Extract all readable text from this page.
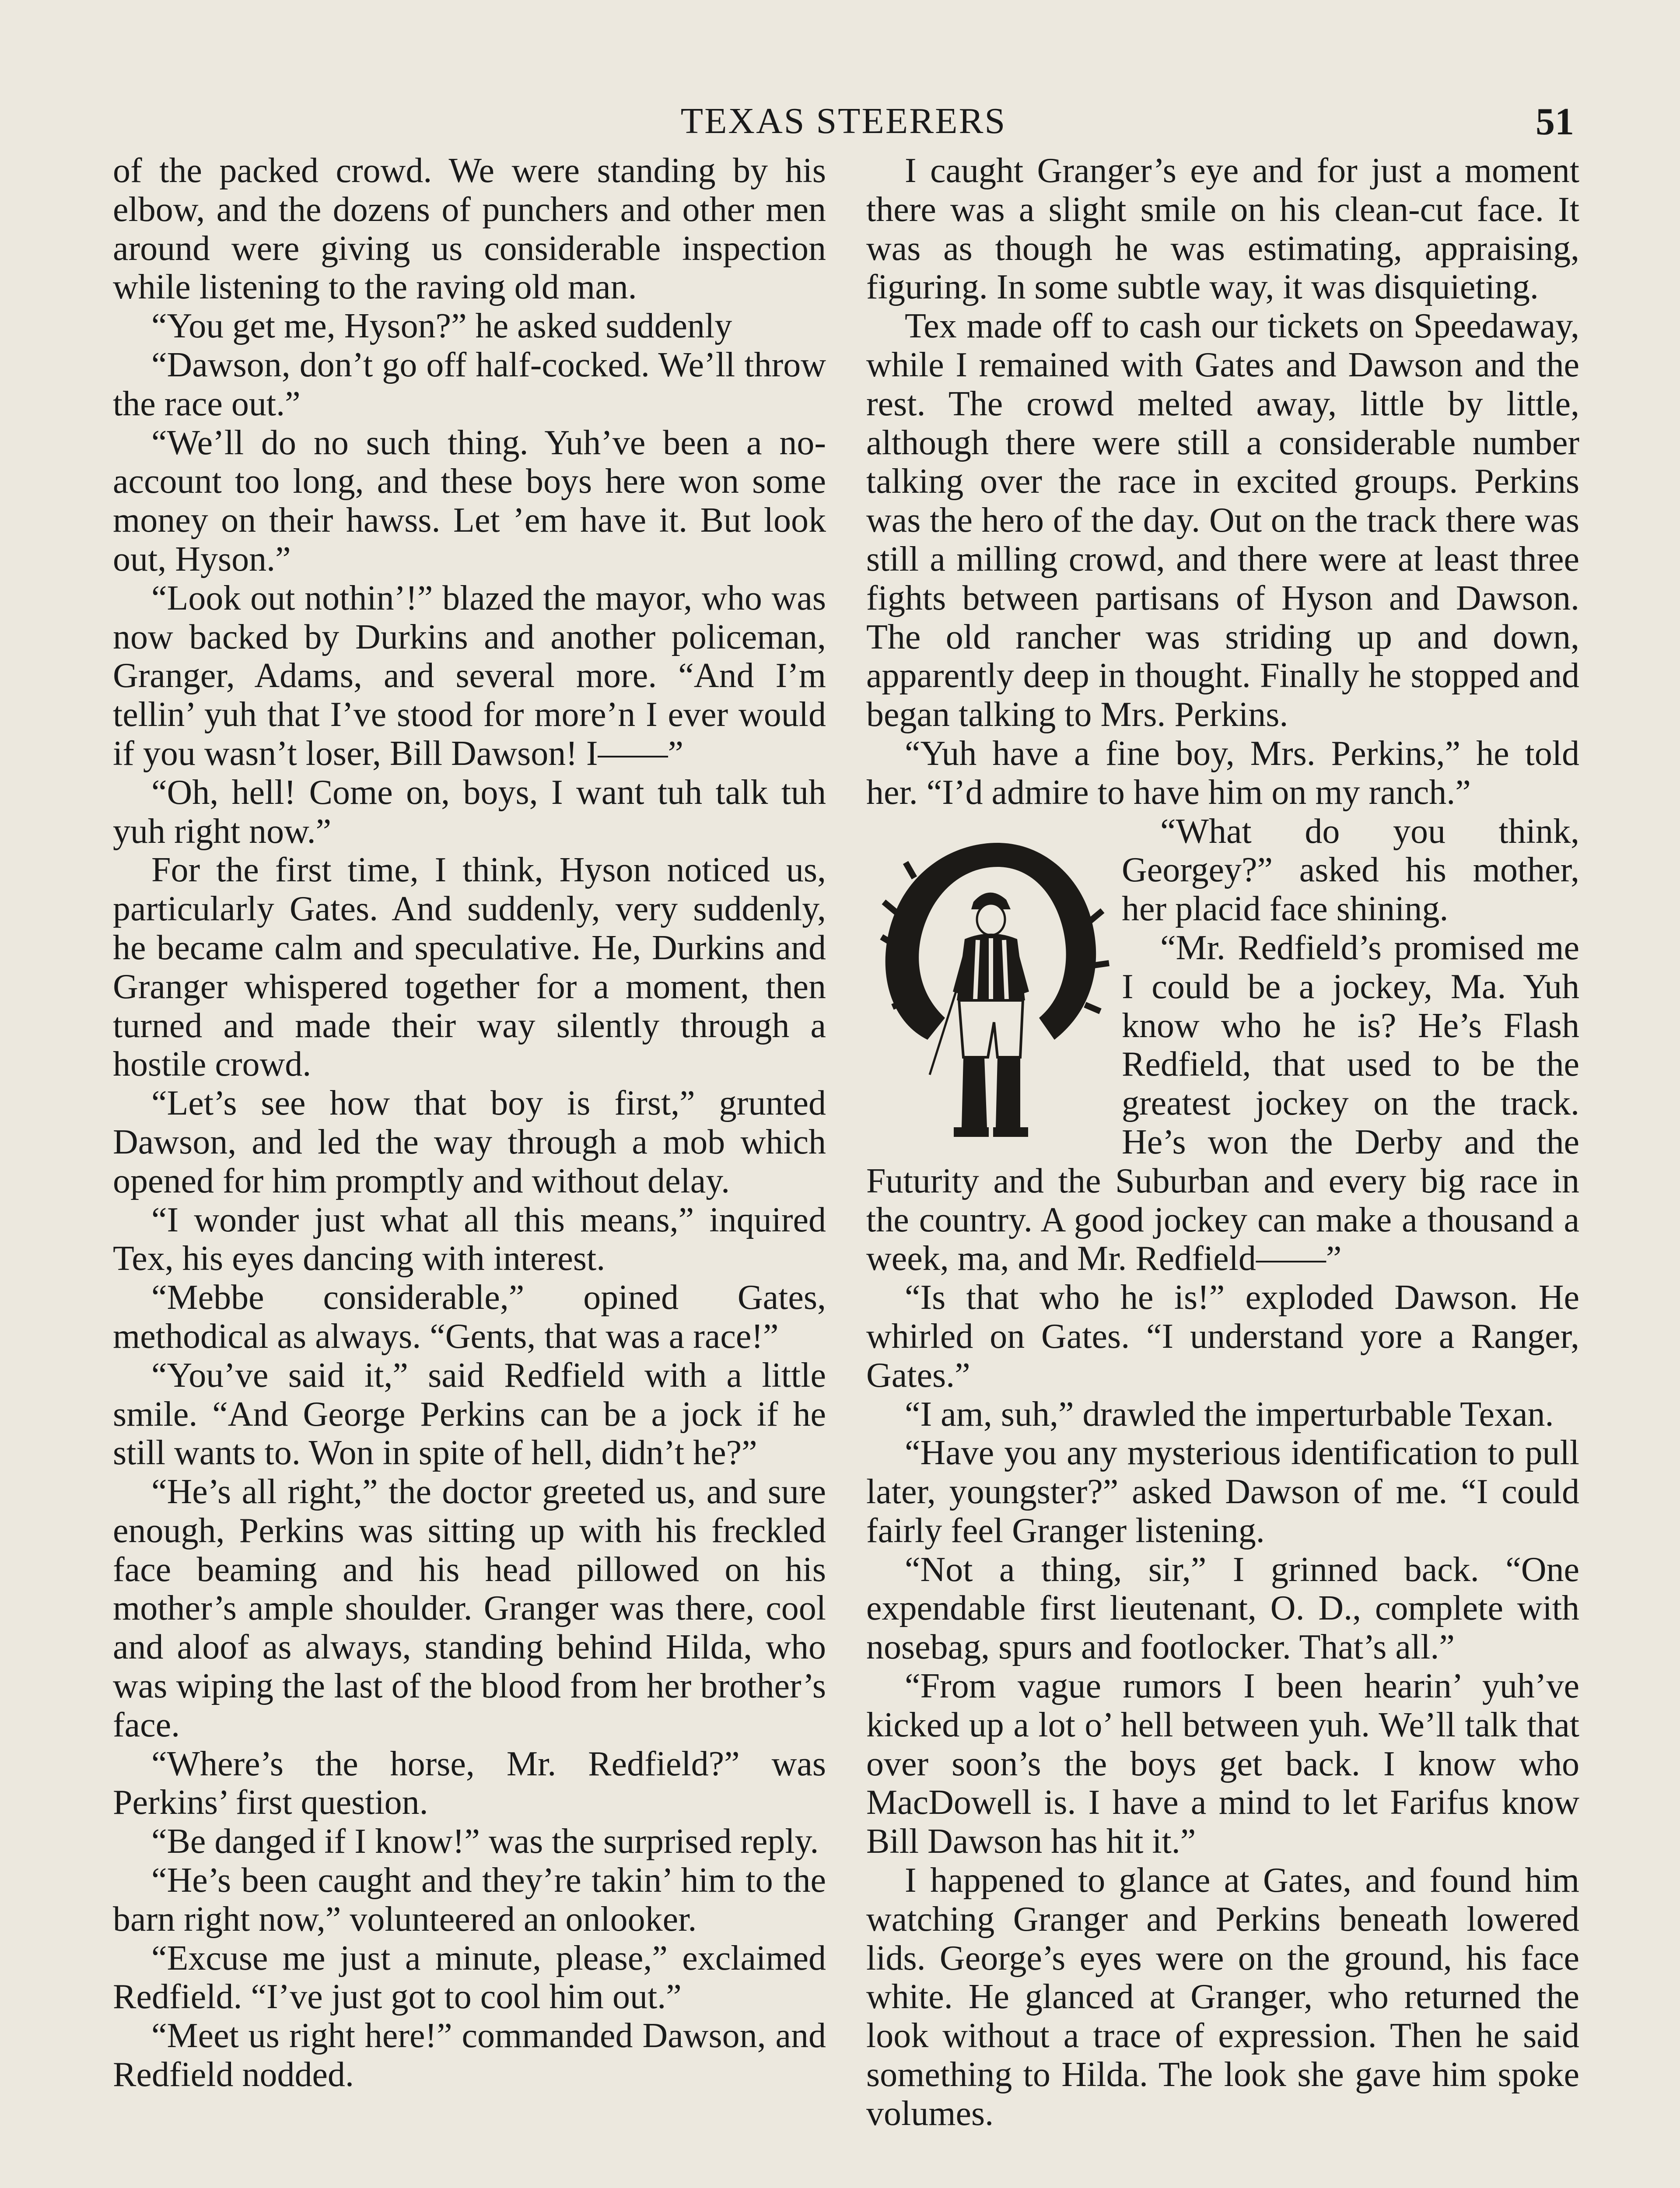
TEXAS STEERERS	51

of the packed crowd. We were standing by his elbow, and the dozens of punchers and other men around were giving us considerable inspection while listening to the raving old man.

“You get me, Hyson?” he asked suddenly

“Dawson, don’t go off half-cocked. We’ll throw the race out.”

“We’ll do no such thing. Yuh’ve been a no-account too long, and these boys here won some money on their hawss. Let ’em have it. But look out, Hyson.”

“Look out nothin’!” blazed the mayor, who was now backed by Durkins and another policeman, Granger, Adams, and several more. “And I’m tellin’ yuh that I’ve stood for more’n I ever would if you wasn’t loser, Bill Dawson! I——”

“Oh, hell! Come on, boys, I want tuh talk tuh yuh right now.”

For the first time, I think, Hyson noticed us, particularly Gates. And suddenly, very suddenly, he became calm and speculative. He, Durkins and Granger whispered together for a moment, then turned and made their way silently through a hostile crowd.

“Let’s see how that boy is first,” grunted Dawson, and led the way through a mob which opened for him promptly and without delay.

“I wonder just what all this means,” inquired Tex, his eyes dancing with interest.

“Mebbe considerable,” opined Gates, methodical as always. “Gents, that was a race!”

“You’ve said it,” said Redfield with a little smile. “And George Perkins can be a jock if he still wants to. Won in spite of hell, didn’t he?”

“He’s all right,” the doctor greeted us, and sure enough, Perkins was sitting up with his freckled face beaming and his head pillowed on his mother’s ample shoulder. Granger was there, cool and aloof as always, standing behind Hilda, who was wiping the last of the blood from her brother’s face.

“Where’s the horse, Mr. Redfield?” was Perkins’ first question.

“Be danged if I know!” was the surprised reply.

“He’s been caught and they’re takin’ him to the barn right now,” volunteered an onlooker.

“Excuse me just a minute, please,” exclaimed Redfield. “I’ve just got to cool him out.”

“Meet us right here!” commanded Dawson, and Redfield nodded.

I caught Granger’s eye and for just a moment there was a slight smile on his clean-cut face. It was as though he was estimating, appraising, figuring. In some subtle way, it was disquieting.

Tex made off to cash our tickets on Speedaway, while I remained with Gates and Dawson and the rest. The crowd melted away, little by little, although there were still a considerable number talking over the race in excited groups. Perkins was the hero of the day. Out on the track there was still a milling crowd, and there were at least three fights between partisans of Hyson and Dawson. The old rancher was striding up and down, apparently deep in thought. Finally he stopped and began talking to Mrs. Perkins.

“Yuh have a fine boy, Mrs. Perkins,” he told her. “I’d admire to have him on my ranch.”

“What do you think, Georgey?” asked his mother, her placid face shining.

“Mr. Redfield’s promised me I could be a jockey, Ma. Yuh know who he is? He’s Flash Redfield, that used to be the greatest jockey on the track. He’s won the Derby and the Futurity and the Suburban and every big race in the country. A good jockey can make a thousand a week, ma, and Mr. Redfield——”

“Is that who he is!” exploded Dawson. He whirled on Gates. “I understand yore a Ranger, Gates.”

“I am, suh,” drawled the imperturbable Texan.

“Have you any mysterious identification to pull later, youngster?” asked Dawson of me. “I could fairly feel Granger listening.

“Not a thing, sir,” I grinned back. “One expendable first lieutenant, O. D., complete with nosebag, spurs and footlocker. That’s all.”

“From vague rumors I been hearin’ yuh’ve kicked up a lot o’ hell between yuh. We’ll talk that over soon’s the boys get back. I know who MacDowell is. I have a mind to let Farifus know Bill Dawson has hit it.”

I happened to glance at Gates, and found him watching Granger and Perkins beneath lowered lids. George’s eyes were on the ground, his face white. He glanced at Granger, who returned the look without a trace of expression. Then he said something to Hilda. The look she gave him spoke volumes.
